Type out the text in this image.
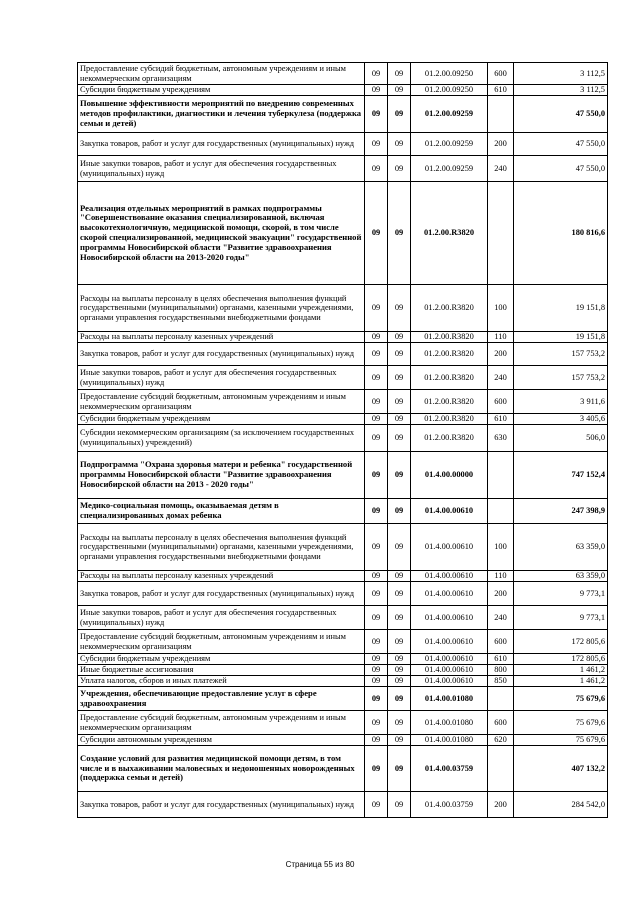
Предоставление субсидий бюджетным, автономным учреждениям и иным некоммерческим организациям	09	09	01.2.00.09250	600	3 112,5
Субсидии бюджетным учреждениям	09	09	01.2.00.09250	610	3 112,5
Повышение эффективности мероприятий по внедрению современных методов профилактики, диагностики и лечения туберкулеза (поддержка семьи и детей)	09	09	01.2.00.09259		47 550,0
Закупка товаров, работ и услуг для государственных (муниципальных) нужд	09	09	01.2.00.09259	200	47 550,0
Иные закупки товаров, работ и услуг для обеспечения государственных (муниципальных) нужд	09	09	01.2.00.09259	240	47 550,0
Реализация отдельных мероприятий в рамках подпрограммы "Совершенствование оказания специализированной, включая высокотехнологичную, медицинской помощи, скорой, в том числе скорой специализированной, медицинской эвакуации" государственной программы Новосибирской области "Развитие здравоохранения Новосибирской области на 2013-2020 годы"	09	09	01.2.00.R3820		180 816,6
Расходы на выплаты персоналу в целях обеспечения выполнения функций государственными (муниципальными) органами, казенными учреждениями, органами управления государственными внебюджетными фондами	09	09	01.2.00.R3820	100	19 151,8
Расходы на выплаты персоналу казенных учреждений	09	09	01.2.00.R3820	110	19 151,8
Закупка товаров, работ и услуг для государственных (муниципальных) нужд	09	09	01.2.00.R3820	200	157 753,2
Иные закупки товаров, работ и услуг для обеспечения государственных (муниципальных) нужд	09	09	01.2.00.R3820	240	157 753,2
Предоставление субсидий бюджетным, автономным учреждениям и иным некоммерческим организациям	09	09	01.2.00.R3820	600	3 911,6
Субсидии бюджетным учреждениям	09	09	01.2.00.R3820	610	3 405,6
Субсидии некоммерческим организациям (за исключением государственных (муниципальных) учреждений)	09	09	01.2.00.R3820	630	506,0
Подпрограмма "Охрана здоровья матери и ребенка" государственной программы Новосибирской области "Развитие здравоохранения Новосибирской области на 2013 - 2020 годы"	09	09	01.4.00.00000		747 152,4
Медико-социальная помощь, оказываемая детям в специализированных домах ребенка	09	09	01.4.00.00610		247 398,9
Расходы на выплаты персоналу в целях обеспечения выполнения функций государственными (муниципальными) органами, казенными учреждениями, органами управления государственными внебюджетными фондами	09	09	01.4.00.00610	100	63 359,0
Расходы на выплаты персоналу казенных учреждений	09	09	01.4.00.00610	110	63 359,0
Закупка товаров, работ и услуг для государственных (муниципальных) нужд	09	09	01.4.00.00610	200	9 773,1
Иные закупки товаров, работ и услуг для обеспечения государственных (муниципальных) нужд	09	09	01.4.00.00610	240	9 773,1
Предоставление субсидий бюджетным, автономным учреждениям и иным некоммерческим организациям	09	09	01.4.00.00610	600	172 805,6
Субсидии бюджетным учреждениям	09	09	01.4.00.00610	610	172 805,6
Иные бюджетные ассигнования	09	09	01.4.00.00610	800	1 461,2
Уплата налогов, сборов и иных платежей	09	09	01.4.00.00610	850	1 461,2
Учреждения, обеспечивающие предоставление услуг в сфере здравоохранения	09	09	01.4.00.01080		75 679,6
Предоставление субсидий бюджетным, автономным учреждениям и иным некоммерческим организациям	09	09	01.4.00.01080	600	75 679,6
Субсидии автономным учреждениям	09	09	01.4.00.01080	620	75 679,6
Создание условий для развития медицинской помощи детям, в том числе и в выхаживании маловесных и недоношенных новорожденных (поддержка семьи и детей)	09	09	01.4.00.03759		407 132,2
Закупка товаров, работ и услуг для государственных (муниципальных) нужд	09	09	01.4.00.03759	200	284 542,0
Страница 55 из 80
